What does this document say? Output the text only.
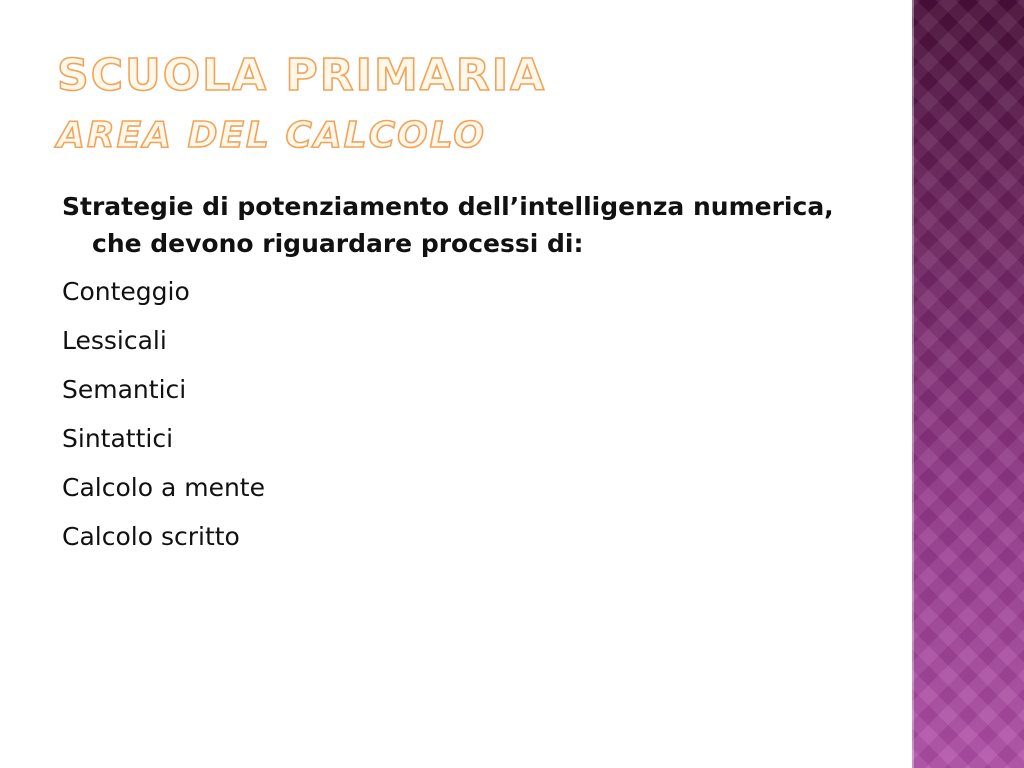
SCUOLA PRIMARIA
AREA DEL CALCOLO

Strategie di potenziamento dell’intelligenza numerica, che devono riguardare processi di:

Conteggio
Lessicali
Semantici
Sintattici
Calcolo a mente
Calcolo scritto
